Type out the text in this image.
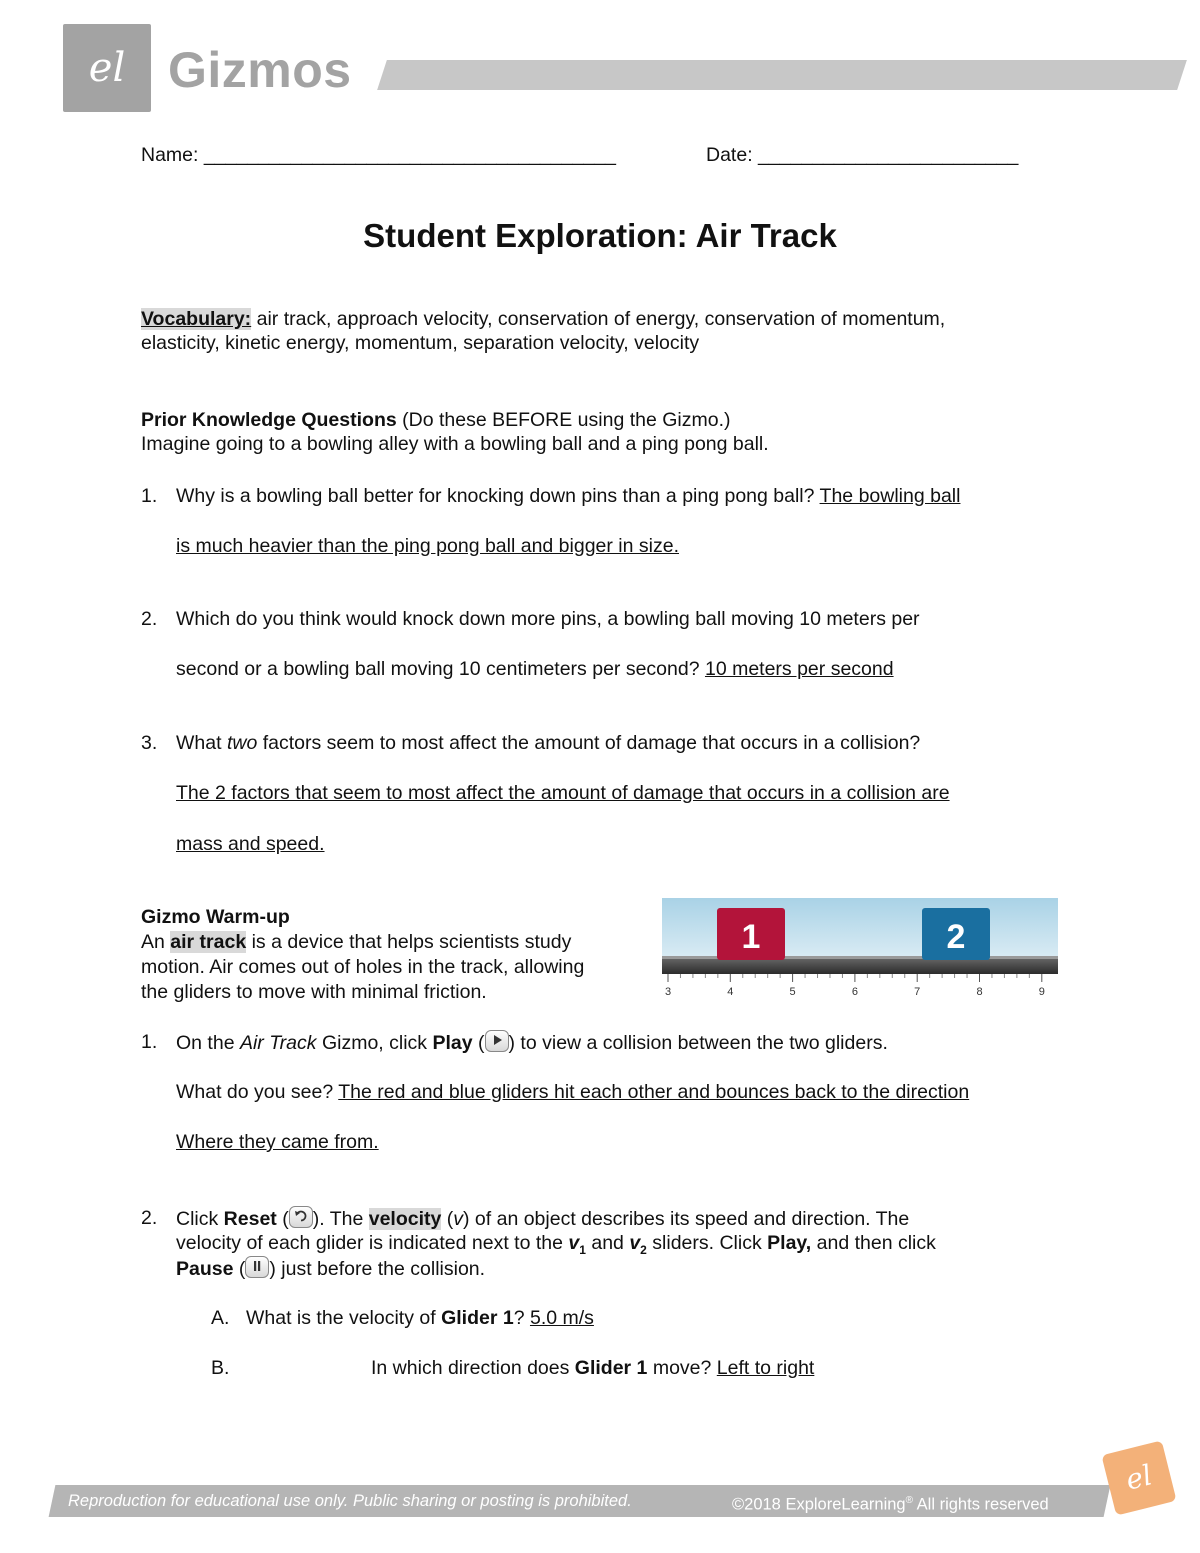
el Gizmos
Name: ______________________________________	Date: ________________________
Student Exploration: Air Track
Vocabulary: air track, approach velocity, conservation of energy, conservation of momentum,
elasticity, kinetic energy, momentum, separation velocity, velocity
Prior Knowledge Questions (Do these BEFORE using the Gizmo.)
Imagine going to a bowling alley with a bowling ball and a ping pong ball.
1. Why is a bowling ball better for knocking down pins than a ping pong ball? The bowling ball
is much heavier than the ping pong ball and bigger in size.
2. Which do you think would knock down more pins, a bowling ball moving 10 meters per
second or a bowling ball moving 10 centimeters per second? 10 meters per second
3. What two factors seem to most affect the amount of damage that occurs in a collision?
The 2 factors that seem to most affect the amount of damage that occurs in a collision are
mass and speed.
Gizmo Warm-up
An air track is a device that helps scientists study
motion. Air comes out of holes in the track, allowing
the gliders to move with minimal friction.
1	2
3	4	5	6	7	8	9
1. On the Air Track Gizmo, click Play ( ) to view a collision between the two gliders.
What do you see? The red and blue gliders hit each other and bounces back to the direction
Where they came from.
2. Click Reset ( ). The velocity (v) of an object describes its speed and direction. The
velocity of each glider is indicated next to the $v_1$ and $v_2$ sliders. Click Play, and then click
Pause ( ) just before the collision.
A. What is the velocity of Glider 1? 5.0 m/s
B.	In which direction does Glider 1 move? Left to right
Reproduction for educational use only. Public sharing or posting is prohibited.	©2018 ExploreLearning® All rights reserved
el
